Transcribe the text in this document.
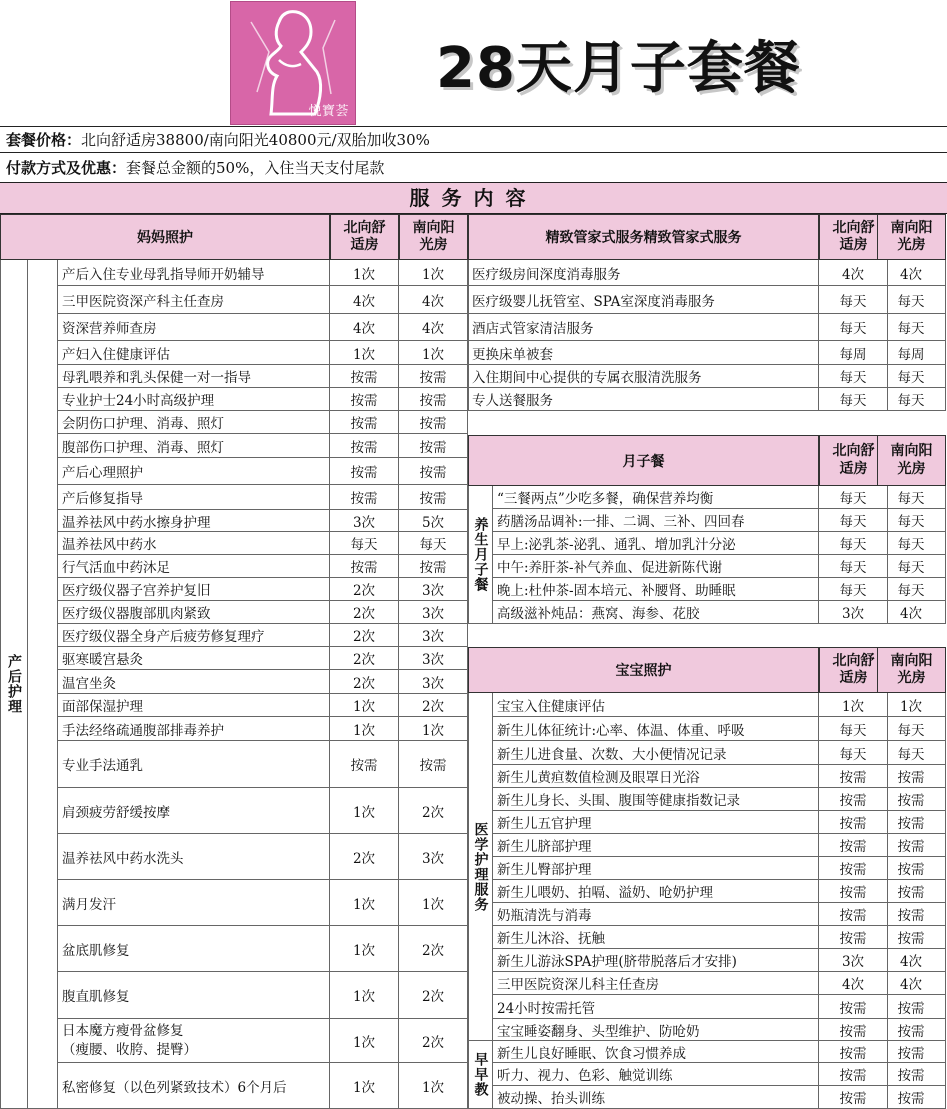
悦寶荟
28天月子套餐
套餐价格： 北向舒适房38800/南向阳光40800元/双胎加收30%
付款方式及优惠： 套餐总金额的50%，入住当天支付尾款
服务内容
妈妈照护
北向舒适房
南向阳光房
产后护理
产后入住专业母乳指导师开奶辅导	1次	1次
三甲医院资深产科主任查房	4次	4次
资深营养师查房	4次	4次
产妇入住健康评估	1次	1次
母乳喂养和乳头保健一对一指导	按需	按需
专业护士24小时高级护理	按需	按需
会阴伤口护理、消毒、照灯	按需	按需
腹部伤口护理、消毒、照灯	按需	按需
产后心理照护	按需	按需
产后修复指导	按需	按需
温养祛风中药水擦身护理	3次	5次
温养祛风中药水	每天	每天
行气活血中药沐足	按需	按需
医疗级仪器子宫养护复旧	2次	3次
医疗级仪器腹部肌肉紧致	2次	3次
医疗级仪器全身产后疲劳修复理疗	2次	3次
驱寒暖宫悬灸	2次	3次
温宫坐灸	2次	3次
面部保湿护理	1次	2次
手法经络疏通腹部排毒养护	1次	1次
专业手法通乳	按需	按需
肩颈疲劳舒缓按摩	1次	2次
温养祛风中药水洗头	2次	3次
满月发汗	1次	1次
盆底肌修复	1次	2次
腹直肌修复	1次	2次
日本魔方瘦骨盆修复
（瘦腰、收胯、提臀）	1次	2次
私密修复（以色列紧致技术）6个月后	1次	1次
精致管家式服务精致管家式服务
北向舒适房
南向阳光房
医疗级房间深度消毒服务	4次	4次
医疗级婴儿抚管室、SPA室深度消毒服务	每天	每天
酒店式管家清洁服务	每天	每天
更换床单被套	每周	每周
入住期间中心提供的专属衣服清洗服务	每天	每天
专人送餐服务	每天	每天
月子餐
北向舒适房
南向阳光房
养生月子餐
“三餐两点”少吃多餐，确保营养均衡	每天	每天
药膳汤品调补:一排、二调、三补、四回春	每天	每天
早上:泌乳茶-泌乳、通乳、增加乳汁分泌	每天	每天
中午:养肝茶-补气养血、促进新陈代谢	每天	每天
晚上:杜仲茶-固本培元、补腰肾、助睡眠	每天	每天
高级滋补炖品：燕窝、海参、花胶	3次	4次
宝宝照护
北向舒适房
南向阳光房
医学护理服务
早早教
宝宝入住健康评估	1次	1次
新生儿体征统计:心率、体温、体重、呼吸	每天	每天
新生儿进食量、次数、大小便情况记录	每天	每天
新生儿黄疸数值检测及眼罩日光浴	按需	按需
新生儿身长、头围、腹围等健康指数记录	按需	按需
新生儿五官护理	按需	按需
新生儿脐部护理	按需	按需
新生儿臀部护理	按需	按需
新生儿喂奶、拍嗝、溢奶、呛奶护理	按需	按需
奶瓶清洗与消毒	按需	按需
新生儿沐浴、抚触	按需	按需
新生儿游泳SPA护理(脐带脱落后才安排)	3次	4次
三甲医院资深儿科主任查房	4次	4次
24小时按需托管	按需	按需
宝宝睡姿翻身、头型维护、防呛奶	按需	按需
新生儿良好睡眠、饮食习惯养成	按需	按需
听力、视力、色彩、触觉训练	按需	按需
被动操、抬头训练	按需	按需
